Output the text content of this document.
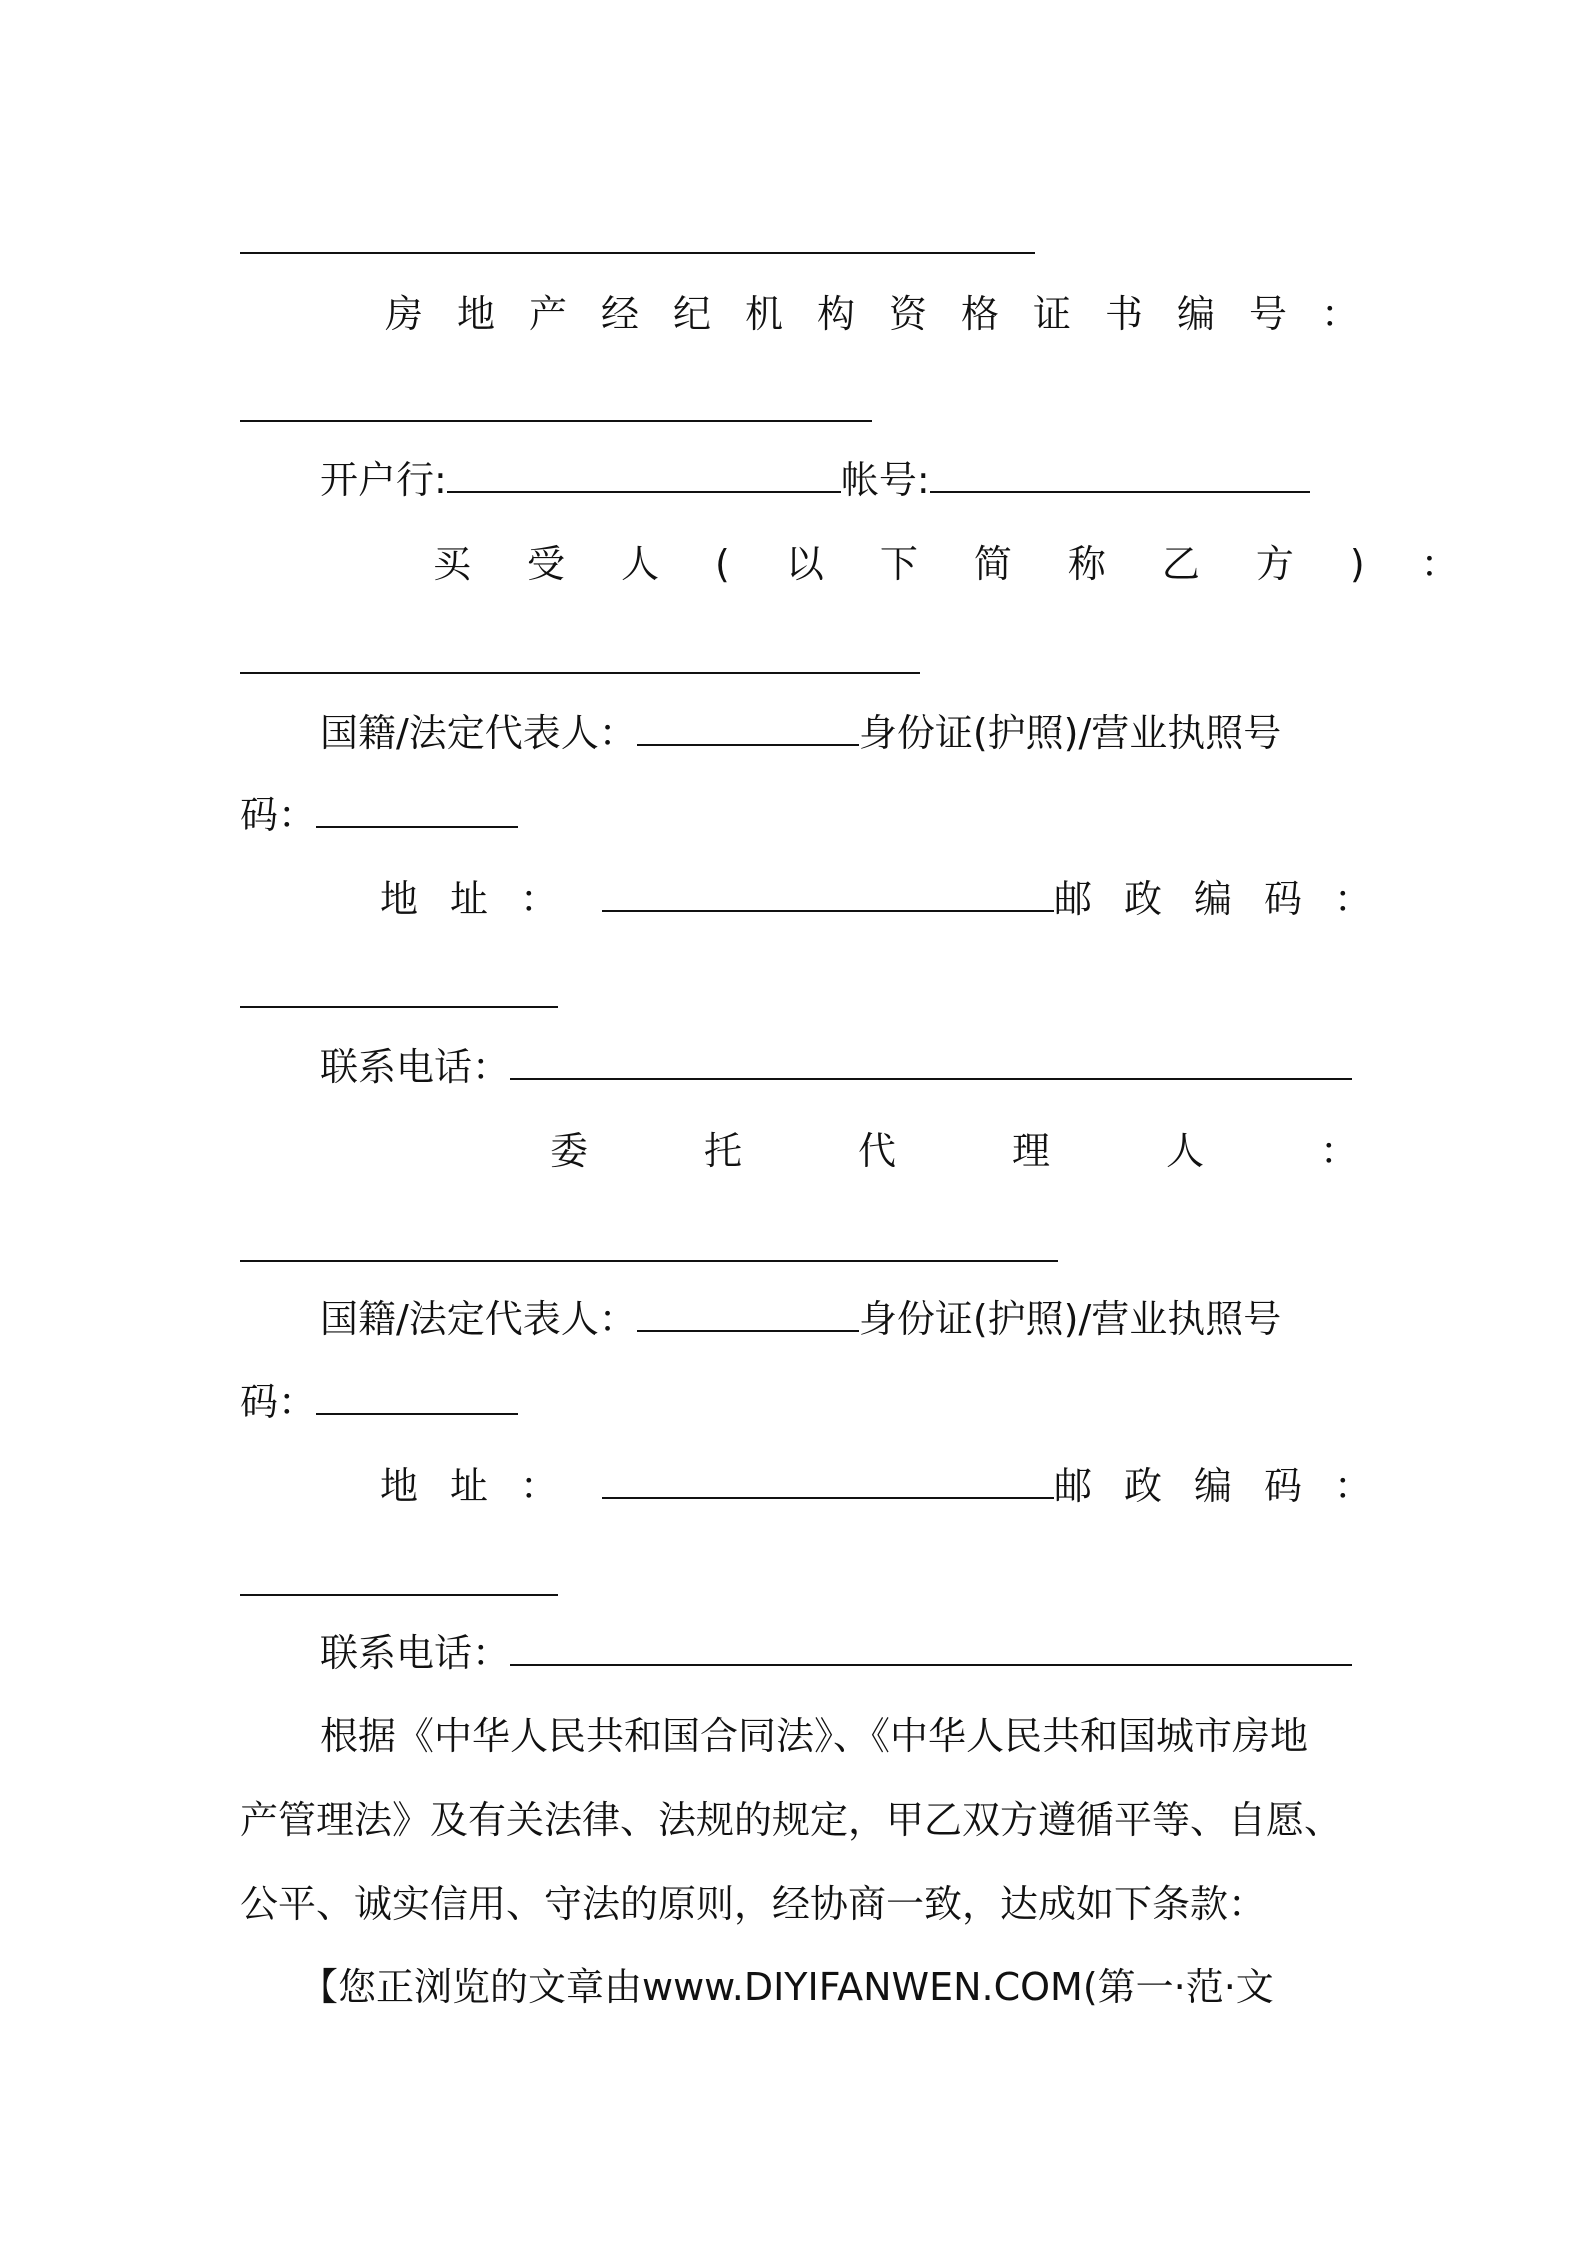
房地产经纪机构资格证书编号：
开户行:	帐号:
买受人(以下简称乙方)：
国籍/法定代表人：	身份证(护照)/营业执照号
码：
地址：	邮政编码：
联系电话：
委托代理人：
国籍/法定代表人：	身份证(护照)/营业执照号
码：
地址：	邮政编码：
联系电话：
根据《中华人民共和国合同法》、《中华人民共和国城市房地
产管理法》及有关法律、法规的规定，甲乙双方遵循平等、自愿、
公平、诚实信用、守法的原则，经协商一致，达成如下条款：
【您正浏览的文章由www.DIYIFANWEN.COM(第一·范·文
